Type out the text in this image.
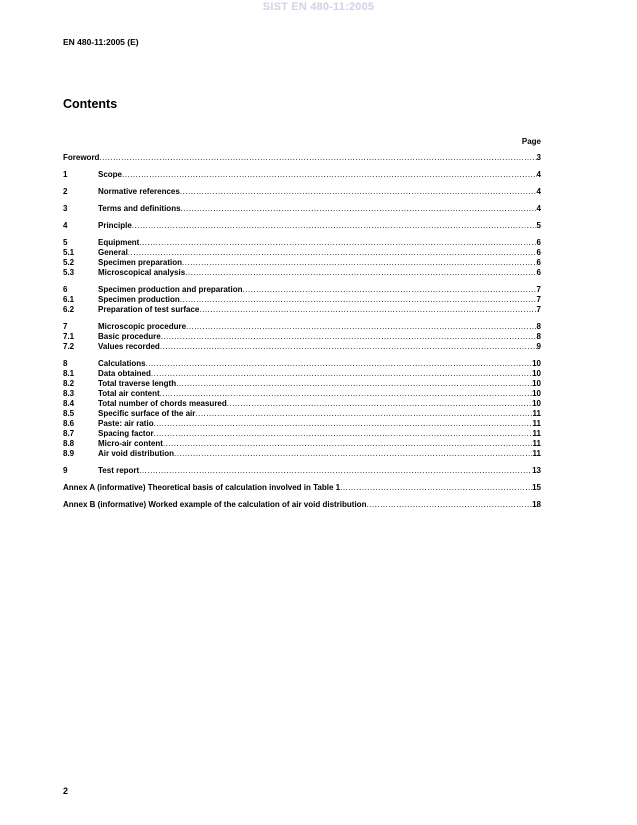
SIST EN 480-11:2005
EN 480-11:2005 (E)
Contents
Page
Foreword .....	3
1	Scope .....	4
2	Normative references .....	4
3	Terms and definitions .....	4
4	Principle .....	5
5	Equipment .....	6
5.1	General .....	6
5.2	Specimen preparation .....	6
5.3	Microscopical analysis .....	6
6	Specimen production and preparation .....	7
6.1	Specimen production .....	7
6.2	Preparation of test surface .....	7
7	Microscopic procedure .....	8
7.1	Basic procedure .....	8
7.2	Values recorded .....	9
8	Calculations .....	10
8.1	Data obtained .....	10
8.2	Total traverse length .....	10
8.3	Total air content .....	10
8.4	Total number of chords measured .....	10
8.5	Specific surface of the air .....	11
8.6	Paste: air ratio .....	11
8.7	Spacing factor .....	11
8.8	Micro-air content .....	11
8.9	Air void distribution .....	11
9	Test report .....	13
Annex A (informative) Theoretical basis of calculation involved in Table 1 .....	15
Annex B (informative) Worked example of the calculation of air void distribution .....	18
2
